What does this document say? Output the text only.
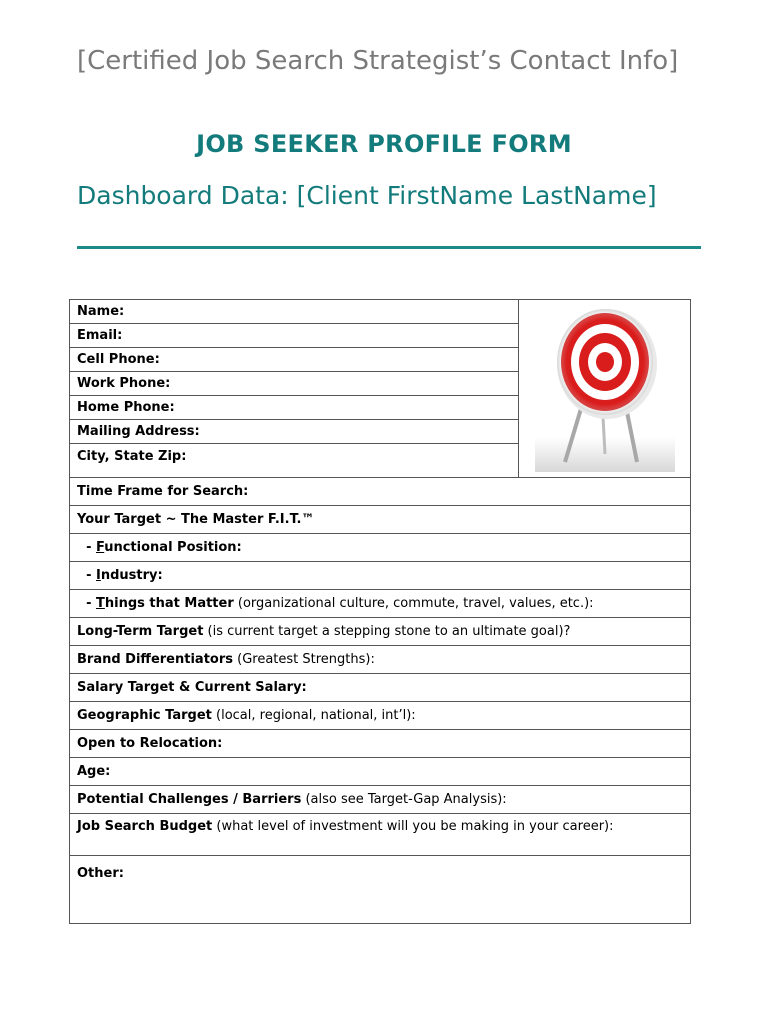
[Certified Job Search Strategist’s Contact Info]
JOB SEEKER PROFILE FORM
Dashboard Data: [Client FirstName LastName]
Name:	
Email:
Cell Phone:
Work Phone:
Home Phone:
Mailing Address:
City, State Zip:
Time Frame for Search:
Your Target ~ The Master F.I.T.™
- Functional Position:
- Industry:
- Things that Matter (organizational culture, commute, travel, values, etc.):
Long-Term Target (is current target a stepping stone to an ultimate goal)?
Brand Differentiators (Greatest Strengths):
Salary Target & Current Salary:
Geographic Target (local, regional, national, int’l):
Open to Relocation:
Age:
Potential Challenges / Barriers (also see Target-Gap Analysis):
Job Search Budget (what level of investment will you be making in your career):
Other:
